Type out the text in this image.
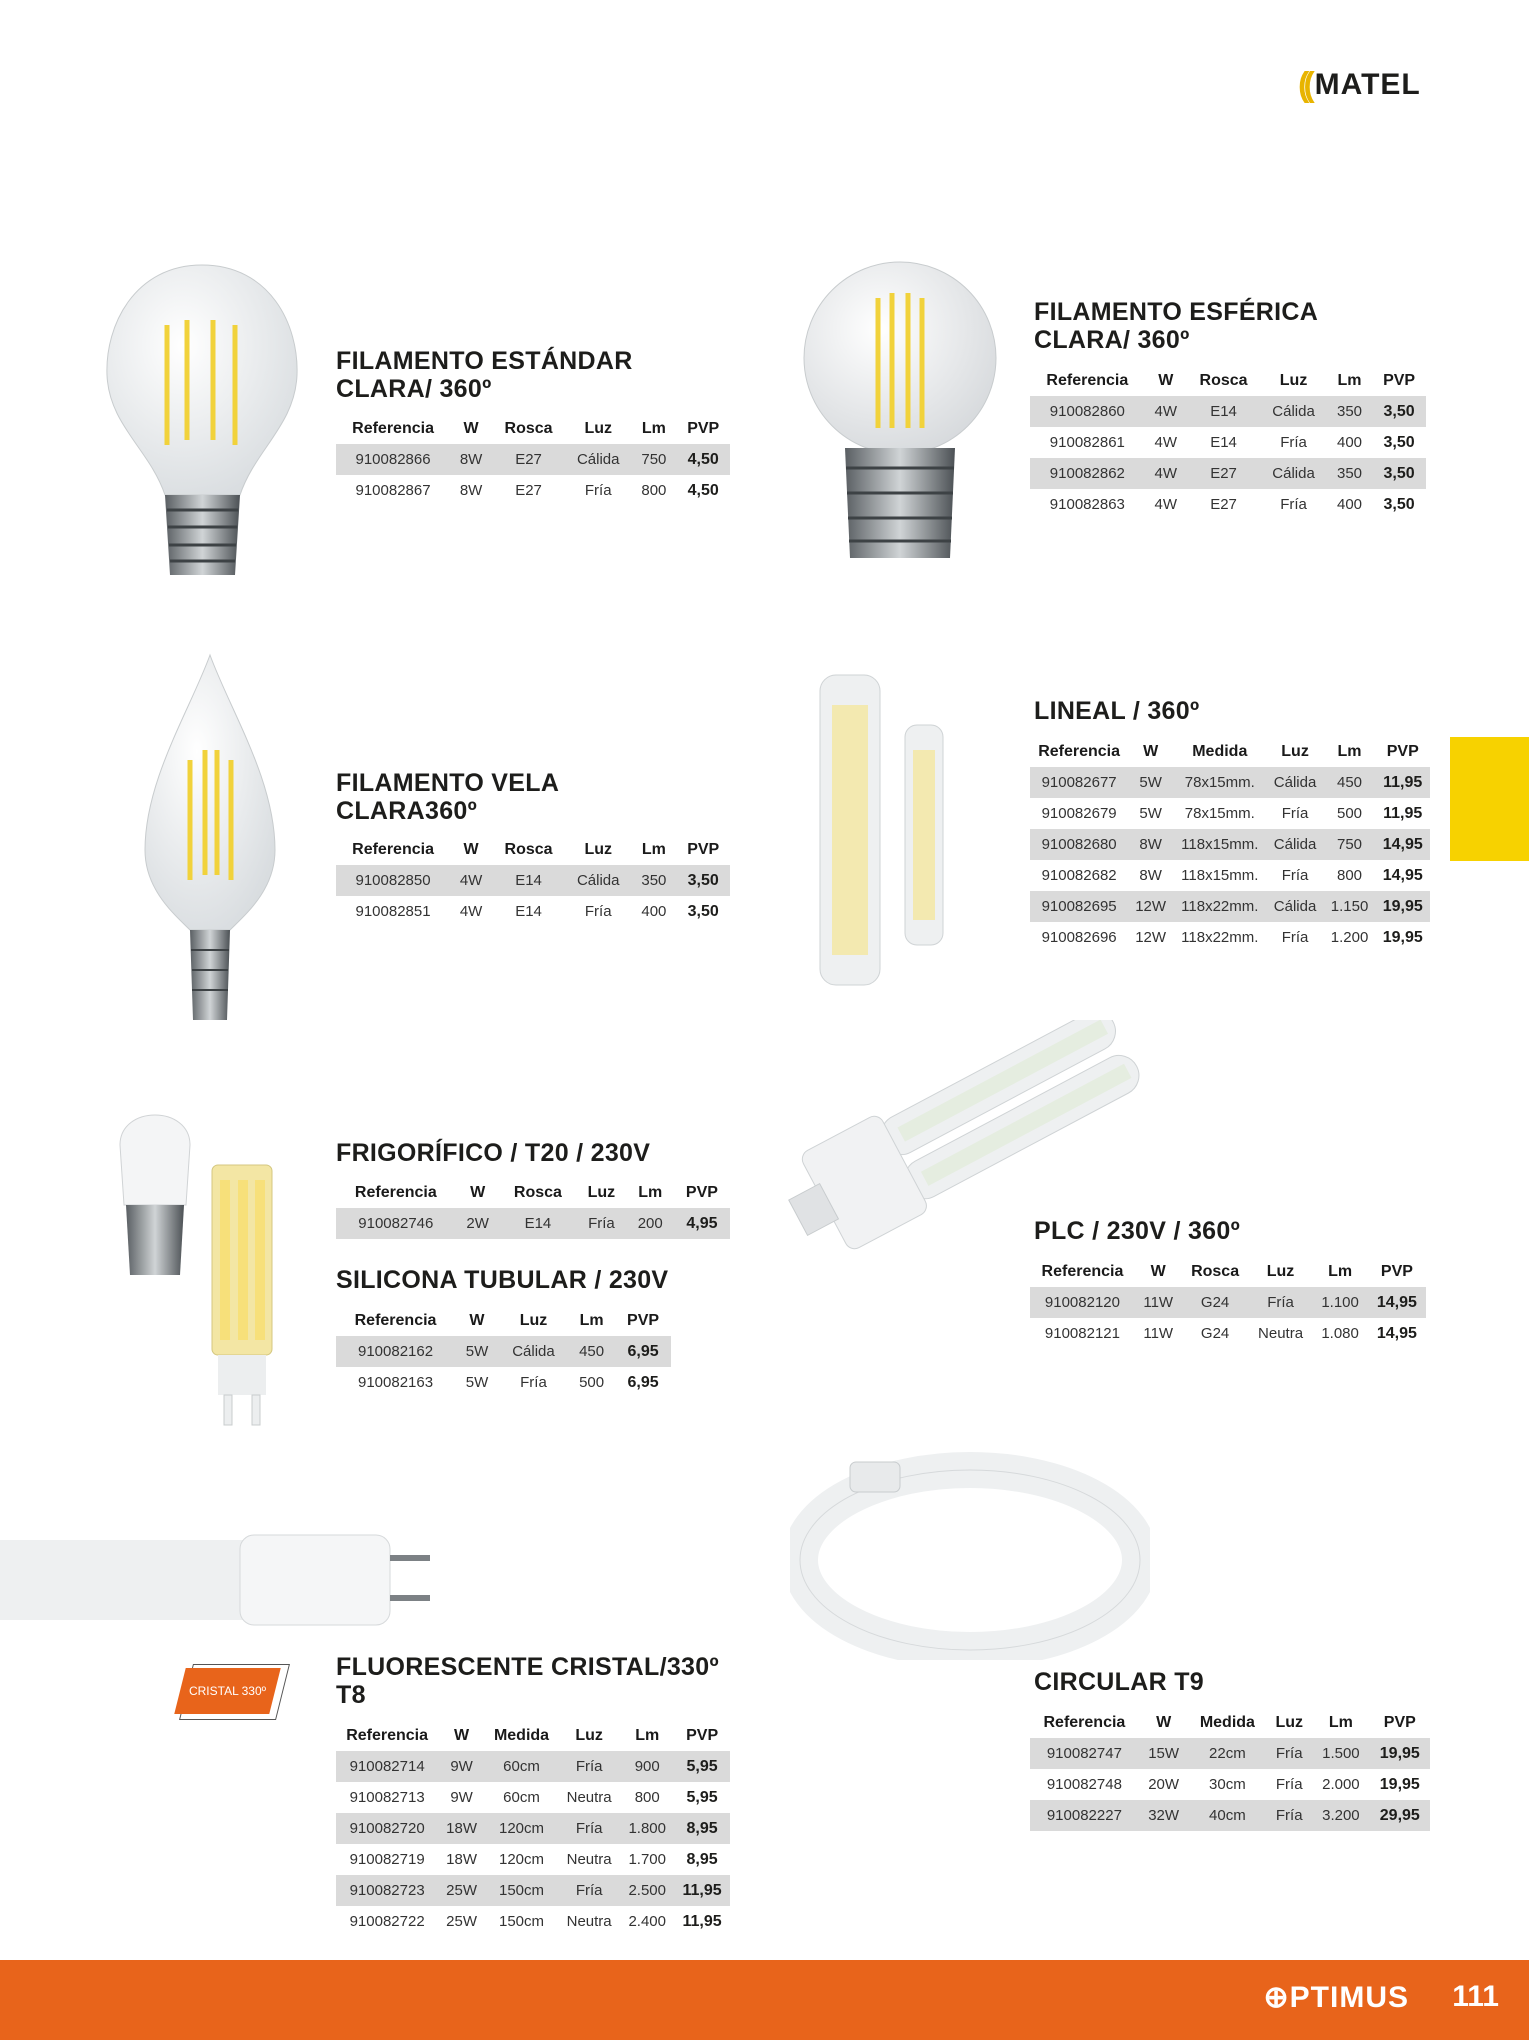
(( MATEL
CRISTAL 330º
FILAMENTO ESTÁNDAR
CLARA/ 360º
FILAMENTO ESFÉRICA
CLARA/ 360º
FILAMENTO VELA
CLARA360º
LINEAL / 360º
FRIGORÍFICO / T20 / 230V
SILICONA TUBULAR / 230V
PLC / 230V / 360º
FLUORESCENTE CRISTAL/330º
T8	CIRCULAR T9
Referencia	W	Rosca	Luz	Lm	PVP
910082866	8W	E27	Cálida	750	4,50
910082867	8W	E27	Fría	800	4,50
Referencia	W	Rosca	Luz	Lm	PVP
910082860	4W	E14	Cálida	350	3,50
910082861	4W	E14	Fría	400	3,50
910082862	4W	E27	Cálida	350	3,50
910082863	4W	E27	Fría	400	3,50
Referencia	W	Rosca	Luz	Lm	PVP
910082850	4W	E14	Cálida	350	3,50
910082851	4W	E14	Fría	400	3,50
Referencia	W	Medida	Luz	Lm	PVP
910082677	5W	78x15mm.	Cálida	450	11,95
910082679	5W	78x15mm.	Fría	500	11,95
910082680	8W	118x15mm.	Cálida	750	14,95
910082682	8W	118x15mm.	Fría	800	14,95
910082695	12W	118x22mm.	Cálida	1.150	19,95
910082696	12W	118x22mm.	Fría	1.200	19,95
Referencia	W	Rosca	Luz	Lm	PVP
910082746	2W	E14	Fría	200	4,95
Referencia	W	Luz	Lm	PVP
910082162	5W	Cálida	450	6,95
910082163	5W	Fría	500	6,95
Referencia	W	Rosca	Luz	Lm	PVP
910082120	11W	G24	Fría	1.100	14,95
910082121	11W	G24	Neutra	1.080	14,95
Referencia	W	Medida	Luz	Lm	PVP
910082714	9W	60cm	Fría	900	5,95
910082713	9W	60cm	Neutra	800	5,95
910082720	18W	120cm	Fría	1.800	8,95
910082719	18W	120cm	Neutra	1.700	8,95
910082723	25W	150cm	Fría	2.500	11,95
910082722	25W	150cm	Neutra	2.400	11,95
Referencia	W	Medida	Luz	Lm	PVP
910082747	15W	22cm	Fría	1.500	19,95
910082748	20W	30cm	Fría	2.000	19,95
910082227	32W	40cm	Fría	3.200	29,95
⊕PTIMUS 111
